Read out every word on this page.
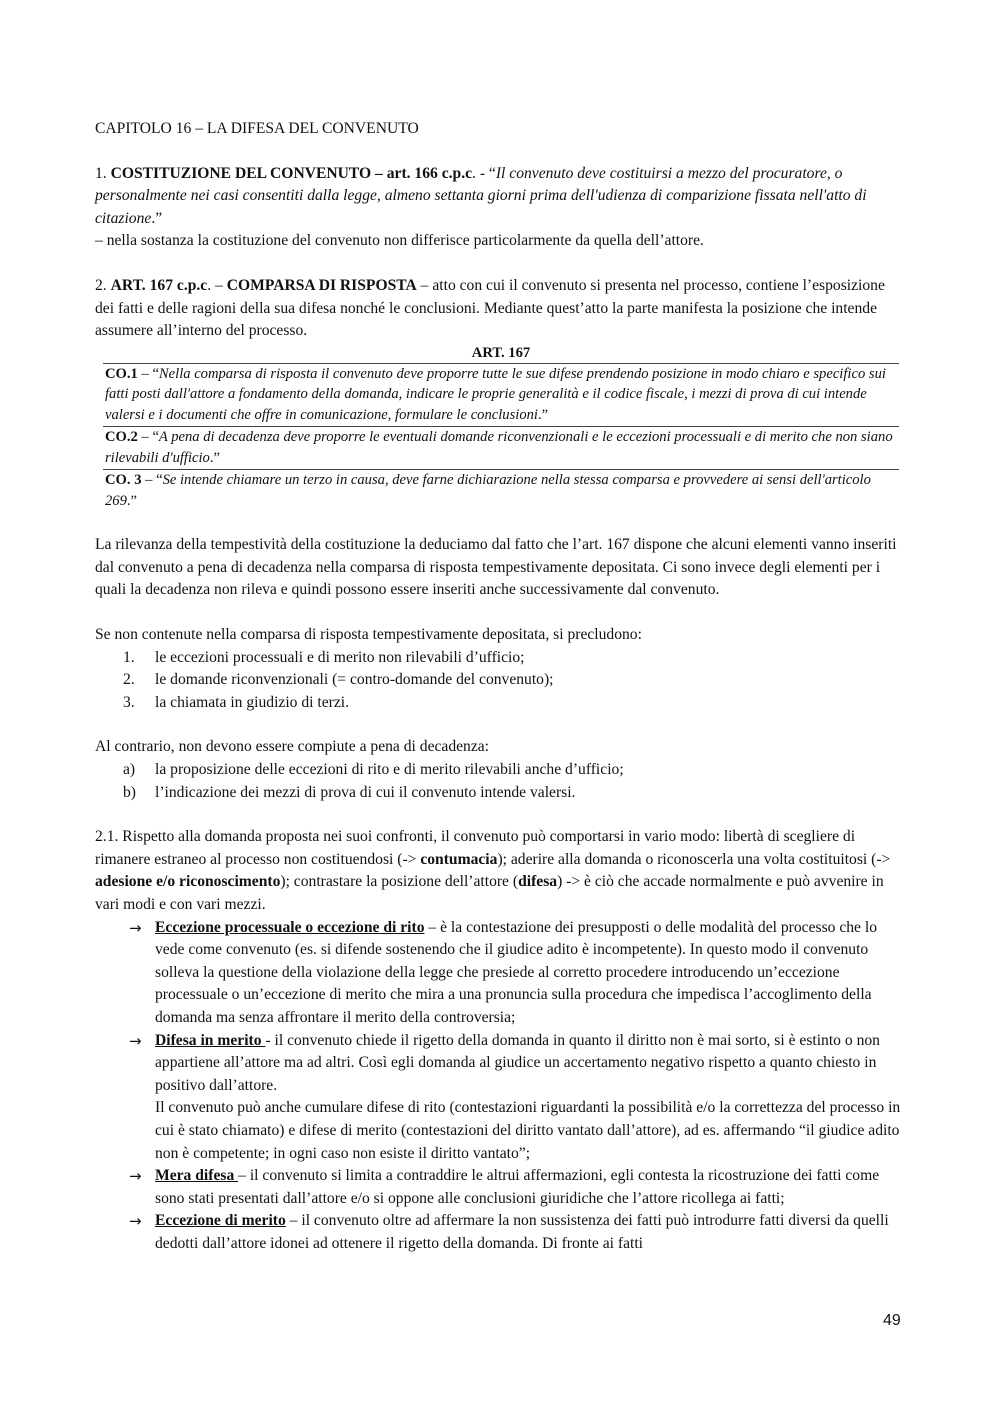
CAPITOLO 16 – LA DIFESA DEL CONVENUTO

1. COSTITUZIONE DEL CONVENUTO – art. 166 c.p.c. - “Il convenuto deve costituirsi a mezzo del procuratore, o personalmente nei casi consentiti dalla legge, almeno settanta giorni prima dell'udienza di comparizione fissata nell'atto di citazione.”
– nella sostanza la costituzione del convenuto non differisce particolarmente da quella dell’attore.

2. ART. 167 c.p.c. – COMPARSA DI RISPOSTA – atto con cui il convenuto si presenta nel processo, contiene l’esposizione dei fatti e delle ragioni della sua difesa nonché le conclusioni. Mediante quest’atto la parte manifesta la posizione che intende assumere all’interno del processo.

ART. 167
CO.1 – “Nella comparsa di risposta il convenuto deve proporre tutte le sue difese prendendo posizione in modo chiaro e specifico sui fatti posti dall'attore a fondamento della domanda, indicare le proprie generalità e il codice fiscale, i mezzi di prova di cui intende valersi e i documenti che offre in comunicazione, formulare le conclusioni.”
CO.2 – “A pena di decadenza deve proporre le eventuali domande riconvenzionali e le eccezioni processuali e di merito che non siano rilevabili d'ufficio.”
CO. 3 – “Se intende chiamare un terzo in causa, deve farne dichiarazione nella stessa comparsa e provvedere ai sensi dell'articolo 269.”

La rilevanza della tempestività della costituzione la deduciamo dal fatto che l’art. 167 dispone che alcuni elementi vanno inseriti dal convenuto a pena di decadenza nella comparsa di risposta tempestivamente depositata. Ci sono invece degli elementi per i quali la decadenza non rileva e quindi possono essere inseriti anche successivamente dal convenuto.

Se non contenute nella comparsa di risposta tempestivamente depositata, si precludono:

1. le eccezioni processuali e di merito non rilevabili d’ufficio;
2. le domande riconvenzionali (= contro-domande del convenuto);
3. la chiamata in giudizio di terzi.

Al contrario, non devono essere compiute a pena di decadenza:

a) la proposizione delle eccezioni di rito e di merito rilevabili anche d’ufficio;
b) l’indicazione dei mezzi di prova di cui il convenuto intende valersi.

2.1. Rispetto alla domanda proposta nei suoi confronti, il convenuto può comportarsi in vario modo: libertà di scegliere di rimanere estraneo al processo non costituendosi (-> contumacia); aderire alla domanda o riconoscerla una volta costituitosi (-> adesione e/o riconoscimento); contrastare la posizione dell’attore (difesa) -> è ciò che accade normalmente e può avvenire in vari modi e con vari mezzi.

→ Eccezione processuale o eccezione di rito – è la contestazione dei presupposti o delle modalità del processo che lo vede come convenuto (es. si difende sostenendo che il giudice adito è incompetente). In questo modo il convenuto solleva la questione della violazione della legge che presiede al corretto procedere introducendo un’eccezione processuale o un’eccezione di merito che mira a una pronuncia sulla procedura che impedisca l’accoglimento della domanda ma senza affrontare il merito della controversia;
→ Difesa in merito - il convenuto chiede il rigetto della domanda in quanto il diritto non è mai sorto, si è estinto o non appartiene all’attore ma ad altri. Così egli domanda al giudice un accertamento negativo rispetto a quanto chiesto in positivo dall’attore.
Il convenuto può anche cumulare difese di rito (contestazioni riguardanti la possibilità e/o la correttezza del processo in cui è stato chiamato) e difese di merito (contestazioni del diritto vantato dall’attore), ad es. affermando “il giudice adito non è competente; in ogni caso non esiste il diritto vantato”;
→ Mera difesa – il convenuto si limita a contraddire le altrui affermazioni, egli contesta la ricostruzione dei fatti come sono stati presentati dall’attore e/o si oppone alle conclusioni giuridiche che l’attore ricollega ai fatti;
→ Eccezione di merito – il convenuto oltre ad affermare la non sussistenza dei fatti può introdurre fatti diversi da quelli dedotti dall’attore idonei ad ottenere il rigetto della domanda. Di fronte ai fatti
49
